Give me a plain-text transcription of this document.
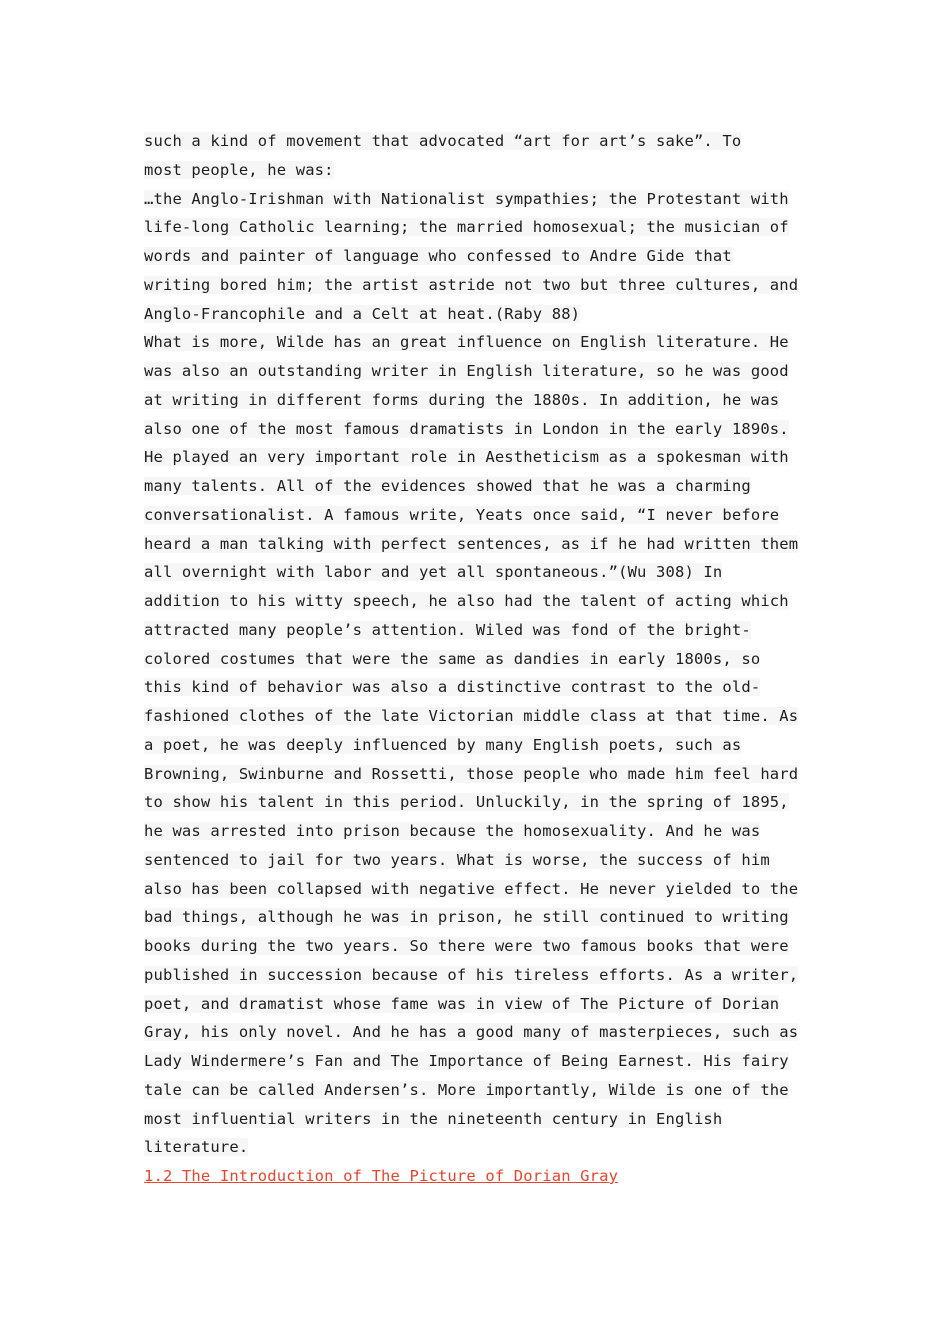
such a kind of movement that advocated “art for art’s sake”. To
most people, he was:
…the Anglo-Irishman with Nationalist sympathies; the Protestant with
life-long Catholic learning; the married homosexual; the musician of
words and painter of language who confessed to Andre Gide that
writing bored him; the artist astride not two but three cultures, and
Anglo-Francophile and a Celt at heat.(Raby 88)
What is more, Wilde has an great influence on English literature. He
was also an outstanding writer in English literature, so he was good
at writing in different forms during the 1880s. In addition, he was
also one of the most famous dramatists in London in the early 1890s.
He played an very important role in Aestheticism as a spokesman with
many talents. All of the evidences showed that he was a charming
conversationalist. A famous write, Yeats once said, “I never before
heard a man talking with perfect sentences, as if he had written them
all overnight with labor and yet all spontaneous.”(Wu 308) In
addition to his witty speech, he also had the talent of acting which
attracted many people’s attention. Wiled was fond of the bright-
colored costumes that were the same as dandies in early 1800s, so
this kind of behavior was also a distinctive contrast to the old-
fashioned clothes of the late Victorian middle class at that time. As
a poet, he was deeply influenced by many English poets, such as
Browning, Swinburne and Rossetti, those people who made him feel hard
to show his talent in this period. Unluckily, in the spring of 1895,
he was arrested into prison because the homosexuality. And he was
sentenced to jail for two years. What is worse, the success of him
also has been collapsed with negative effect. He never yielded to the
bad things, although he was in prison, he still continued to writing
books during the two years. So there were two famous books that were
published in succession because of his tireless efforts. As a writer,
poet, and dramatist whose fame was in view of The Picture of Dorian
Gray, his only novel. And he has a good many of masterpieces, such as
Lady Windermere’s Fan and The Importance of Being Earnest. His fairy
tale can be called Andersen’s. More importantly, Wilde is one of the
most influential writers in the nineteenth century in English
literature.
1.2 The Introduction of The Picture of Dorian Gray
